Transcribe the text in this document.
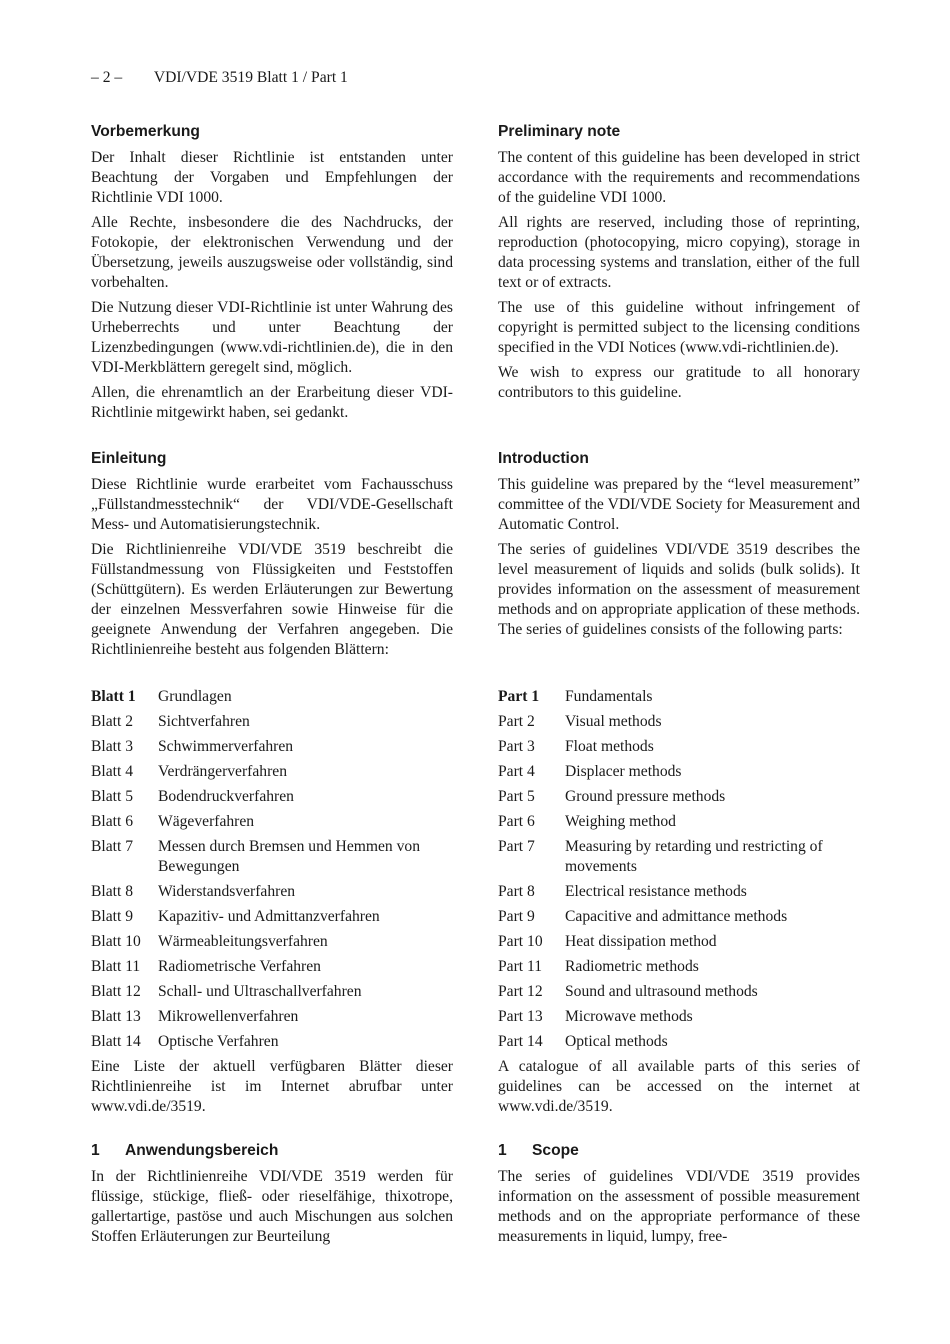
– 2 – VDI/VDE 3519 Blatt 1 / Part 1
Vorbemerkung

Der Inhalt dieser Richtlinie ist entstanden unter Beachtung der Vorgaben und Empfehlungen der Richtlinie VDI 1000.

Alle Rechte, insbesondere die des Nachdrucks, der Fotokopie, der elektronischen Verwendung und der Übersetzung, jeweils auszugsweise oder vollständig, sind vorbehalten.

Die Nutzung dieser VDI-Richtlinie ist unter Wahrung des Urheberrechts und unter Beachtung der Lizenzbedingungen (www.vdi-richtlinien.de), die in den VDI-Merkblättern geregelt sind, möglich.

Allen, die ehrenamtlich an der Erarbeitung dieser VDI-Richtlinie mitgewirkt haben, sei gedankt.

Einleitung

Diese Richtlinie wurde erarbeitet vom Fachausschuss „Füllstandmesstechnik“ der VDI/VDE-Gesellschaft Mess- und Automatisierungstechnik.

Die Richtlinienreihe VDI/VDE 3519 beschreibt die Füllstandmessung von Flüssigkeiten und Feststoffen (Schüttgütern). Es werden Erläuterungen zur Bewertung der einzelnen Messverfahren sowie Hinweise für die geeignete Anwendung der Verfahren angegeben. Die Richtlinienreihe besteht aus folgenden Blättern:

Blatt 1	Grundlagen
Blatt 2	Sichtverfahren
Blatt 3	Schwimmerverfahren
Blatt 4	Verdrängerverfahren
Blatt 5	Bodendruckverfahren
Blatt 6	Wägeverfahren
Blatt 7	Messen durch Bremsen und Hemmen von Bewegungen
Blatt 8	Widerstandsverfahren
Blatt 9	Kapazitiv- und Admittanzverfahren
Blatt 10	Wärmeableitungsverfahren
Blatt 11	Radiometrische Verfahren
Blatt 12	Schall- und Ultraschallverfahren
Blatt 13	Mikrowellenverfahren
Blatt 14	Optische Verfahren

Eine Liste der aktuell verfügbaren Blätter dieser Richtlinienreihe ist im Internet abrufbar unter www.vdi.de/3519.

1 Anwendungsbereich

In der Richtlinienreihe VDI/VDE 3519 werden für flüssige, stückige, fließ- oder rieselfähige, thixotrope, gallertartige, pastöse und auch Mischungen aus solchen Stoffen Erläuterungen zur Beurteilung

Preliminary note

The content of this guideline has been developed in strict accordance with the requirements and recommendations of the guideline VDI 1000.

All rights are reserved, including those of reprinting, reproduction (photocopying, micro copying), storage in data processing systems and translation, either of the full text or of extracts.

The use of this guideline without infringement of copyright is permitted subject to the licensing conditions specified in the VDI Notices (www.vdi-richtlinien.de).

We wish to express our gratitude to all honorary contributors to this guideline.

Introduction

This guideline was prepared by the “level measurement” committee of the VDI/VDE Society for Measurement and Automatic Control.

The series of guidelines VDI/VDE 3519 describes the level measurement of liquids and solids (bulk solids). It provides information on the assessment of measurement methods and on appropriate application of these methods. The series of guidelines consists of the following parts:

Part 1	Fundamentals
Part 2	Visual methods
Part 3	Float methods
Part 4	Displacer methods
Part 5	Ground pressure methods
Part 6	Weighing method
Part 7	Measuring by retarding und restricting of movements
Part 8	Electrical resistance methods
Part 9	Capacitive and admittance methods
Part 10	Heat dissipation method
Part 11	Radiometric methods
Part 12	Sound and ultrasound methods
Part 13	Microwave methods
Part 14	Optical methods

A catalogue of all available parts of this series of guidelines can be accessed on the internet at www.vdi.de/3519.

1 Scope

The series of guidelines VDI/VDE 3519 provides information on the assessment of possible measurement methods and on the appropriate performance of these measurements in liquid, lumpy, free-
